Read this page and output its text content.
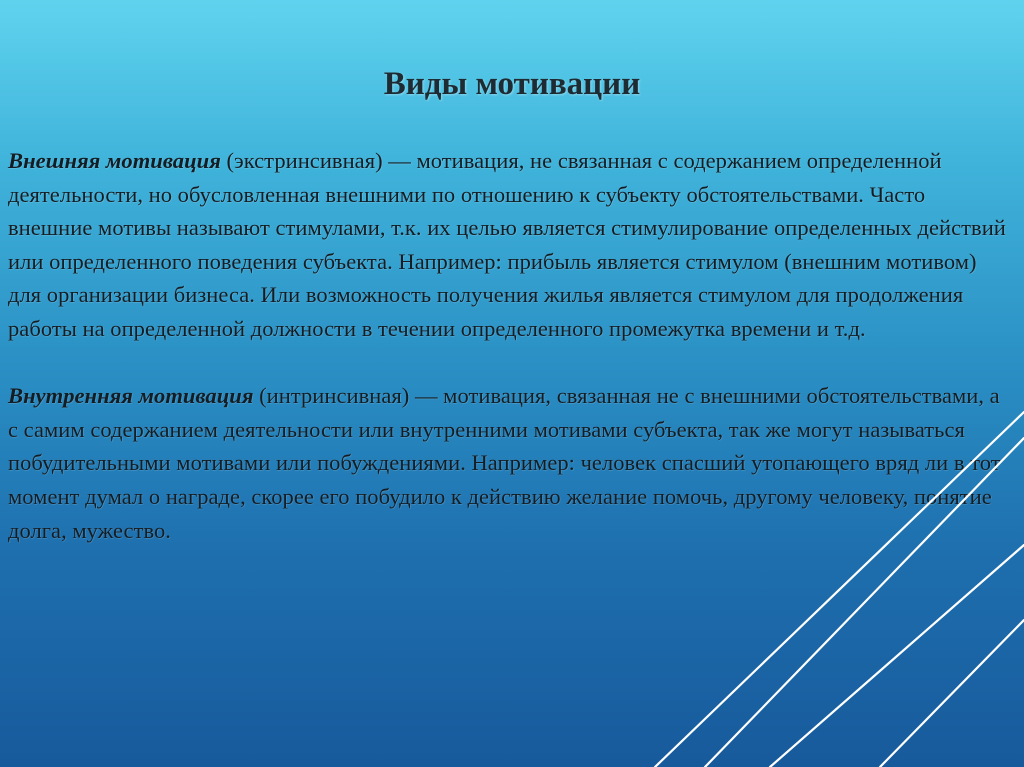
Виды мотивации

Внешняя мотивация (экстринсивная) — мотивация, не связанная с содержанием определенной деятельности, но обусловленная внешними по отношению к субъекту обстоятельствами. Часто внешние мотивы называют стимулами, т.к. их целью является стимулирование определенных действий или определенного поведения субъекта. Например: прибыль является стимулом (внешним мотивом) для организации бизнеса. Или возможность получения жилья является стимулом для продолжения работы на определенной должности в течении определенного промежутка времени и т.д.

Внутренняя мотивация (интринсивная) — мотивация, связанная не с внешними обстоятельствами, а с самим содержанием деятельности или внутренними мотивами субъекта, так же могут называться побудительными мотивами или побуждениями. Например: человек спасший утопающего вряд ли в тот момент думал о награде, скорее его побудило к действию желание помочь, другому человеку, понятие долга, мужество.
